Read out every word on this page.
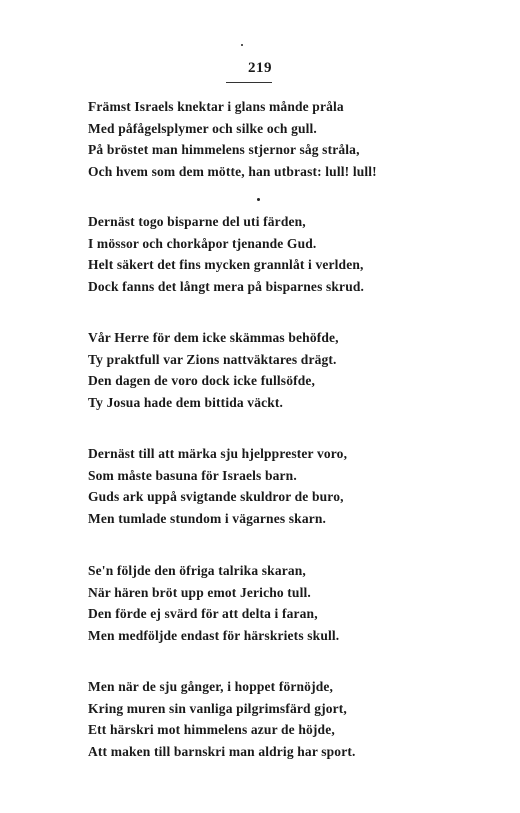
219
Främst Israels knektar i glans månde pråla
Med påfågelsplymer och silke och gull.
På bröstet man himmelens stjernor såg stråla,
Och hvem som dem mötte, han utbrast: lull! lull!
Dernäst togo bisparne del uti färden,
I mössor och chorkåpor tjenande Gud.
Helt säkert det fins mycken grannlåt i verlden,
Dock fanns det långt mera på bisparnes skrud.
Vår Herre för dem icke skämmas behöfde,
Ty praktfull var Zions nattväktares drägt.
Den dagen de voro dock icke fullsöfde,
Ty Josua hade dem bittida väckt.
Dernäst till att märka sju hjelpprester voro,
Som måste basuna för Israels barn.
Guds ark uppå svigtande skuldror de buro,
Men tumlade stundom i vägarnes skarn.
Se'n följde den öfriga talrika skaran,
När hären bröt upp emot Jericho tull.
Den förde ej svärd för att delta i faran,
Men medföljde endast för härskriets skull.
Men när de sju gånger, i hoppet förnöjde,
Kring muren sin vanliga pilgrimsfärd gjort,
Ett härskri mot himmelens azur de höjde,
Att maken till barnskri man aldrig har sport.
